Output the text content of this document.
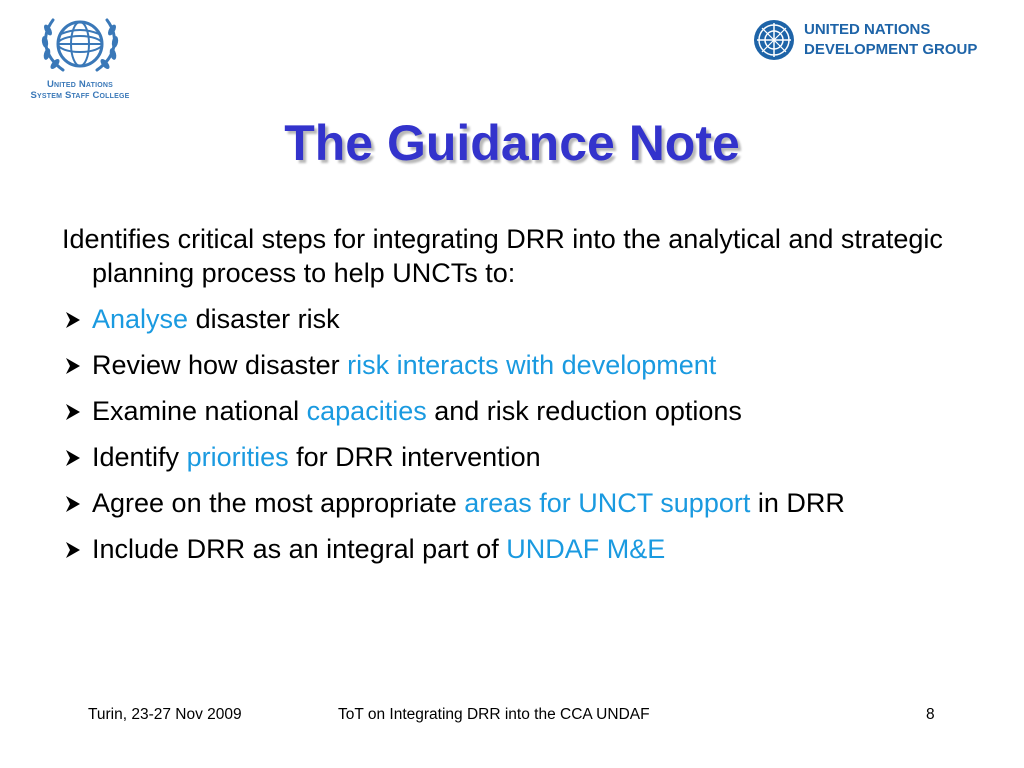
United Nations
System Staff College
UNITED NATIONS
DEVELOPMENT GROUP
The Guidance Note

Identifies critical steps for integrating DRR into the analytical and strategic planning process to help UNCTs to:

Analyse disaster risk
Review how disaster risk interacts with development
Examine national capacities and risk reduction options
Identify priorities for DRR intervention
Agree on the most appropriate areas for UNCT support in DRR
Include DRR as an integral part of UNDAF M&E
Turin, 23-27 Nov 2009	ToT on Integrating DRR into the CCA UNDAF	8
